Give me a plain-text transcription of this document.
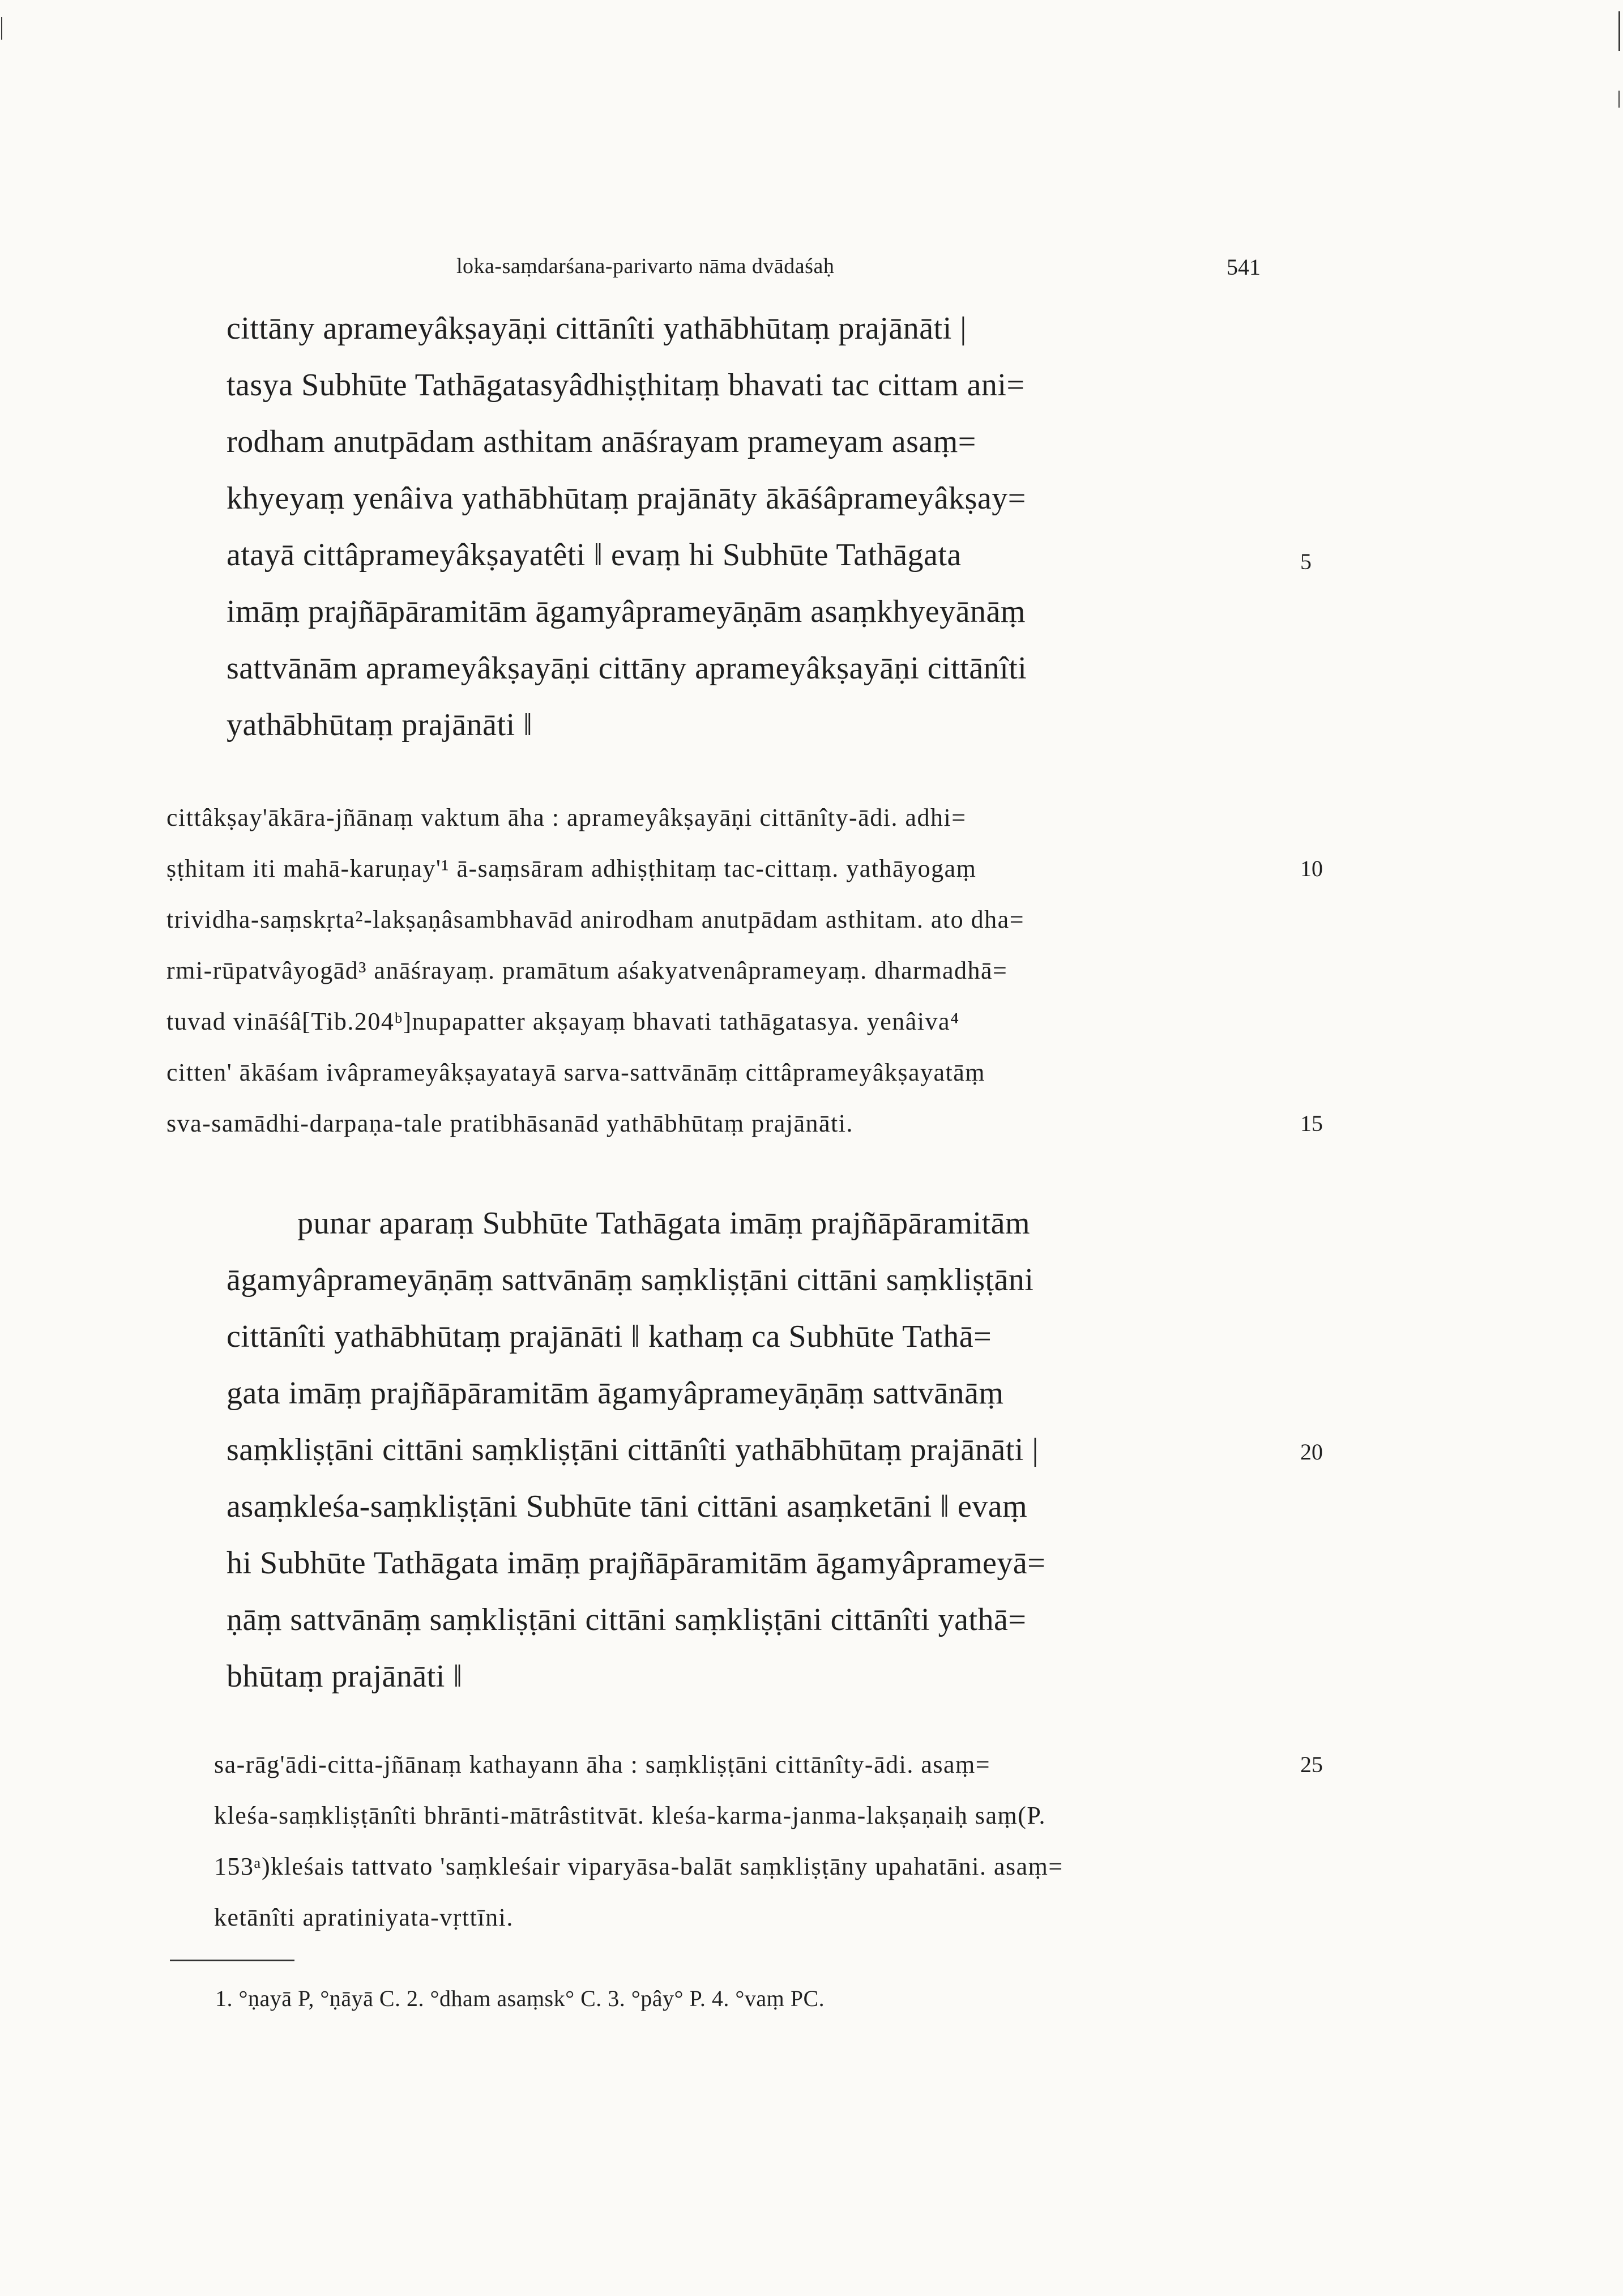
loka-saṃdarśana-parivarto nāma dvādaśaḥ	541
cittāny aprameyâkṣayāṇi cittānîti yathābhūtaṃ prajānāti |
tasya Subhūte Tathāgatasyâdhiṣṭhitaṃ bhavati tac cittam ani=
rodham anutpādam asthitam anāśrayam prameyam asaṃ=
khyeyaṃ yenâiva yathābhūtaṃ prajānāty ākāśâprameyâkṣay=
atayā cittâprameyâkṣayatêti ‖ evaṃ hi Subhūte Tathāgata
imāṃ prajñāpāramitām āgamyâprameyāṇām asaṃkhyeyānāṃ
sattvānām aprameyâkṣayāṇi cittāny aprameyâkṣayāṇi cittānîti
yathābhūtaṃ prajānāti ‖
cittâkṣay'ākāra-jñānaṃ vaktum āha : aprameyâkṣayāṇi cittānîty-ādi. adhi=
ṣṭhitam iti mahā-karuṇay'¹ ā-saṃsāram adhiṣṭhitaṃ tac-cittaṃ. yathāyogaṃ
trividha-saṃskṛta²-lakṣaṇâsambhavād anirodham anutpādam asthitam. ato dha=
rmi-rūpatvâyogād³ anāśrayaṃ. pramātum aśakyatvenâprameyaṃ. dharmadhā=
tuvad vināśâ[Tib.204ᵇ]nupapatter akṣayaṃ bhavati tathāgatasya. yenâiva⁴
citten' ākāśam ivâprameyâkṣayatayā sarva-sattvānāṃ cittâprameyâkṣayatāṃ
sva-samādhi-darpaṇa-tale pratibhāsanād yathābhūtaṃ prajānāti.
punar aparaṃ Subhūte Tathāgata imāṃ prajñāpāramitām
āgamyâprameyāṇāṃ sattvānāṃ saṃkliṣṭāni cittāni saṃkliṣṭāni
cittānîti yathābhūtaṃ prajānāti ‖ kathaṃ ca Subhūte Tathā=
gata imāṃ prajñāpāramitām āgamyâprameyāṇāṃ sattvānāṃ
saṃkliṣṭāni cittāni saṃkliṣṭāni cittānîti yathābhūtaṃ prajānāti |
asaṃkleśa-saṃkliṣṭāni Subhūte tāni cittāni asaṃketāni ‖ evaṃ
hi Subhūte Tathāgata imāṃ prajñāpāramitām āgamyâprameyā=
ṇāṃ sattvānāṃ saṃkliṣṭāni cittāni saṃkliṣṭāni cittānîti yathā=
bhūtaṃ prajānāti ‖
sa-rāg'ādi-citta-jñānaṃ kathayann āha : saṃkliṣṭāni cittānîty-ādi. asaṃ=
kleśa-saṃkliṣṭānîti bhrānti-mātrâstitvāt. kleśa-karma-janma-lakṣaṇaiḥ saṃ(P.
153ᵃ)kleśais tattvato 'saṃkleśair viparyāsa-balāt saṃkliṣṭāny upahatāni. asaṃ=
ketānîti apratiniyata-vṛttīni.
5
10
15
20
25
1. °ṇayā P, °ṇāyā C. 2. °dham asaṃsk° C. 3. °pây° P. 4. °vaṃ PC.
